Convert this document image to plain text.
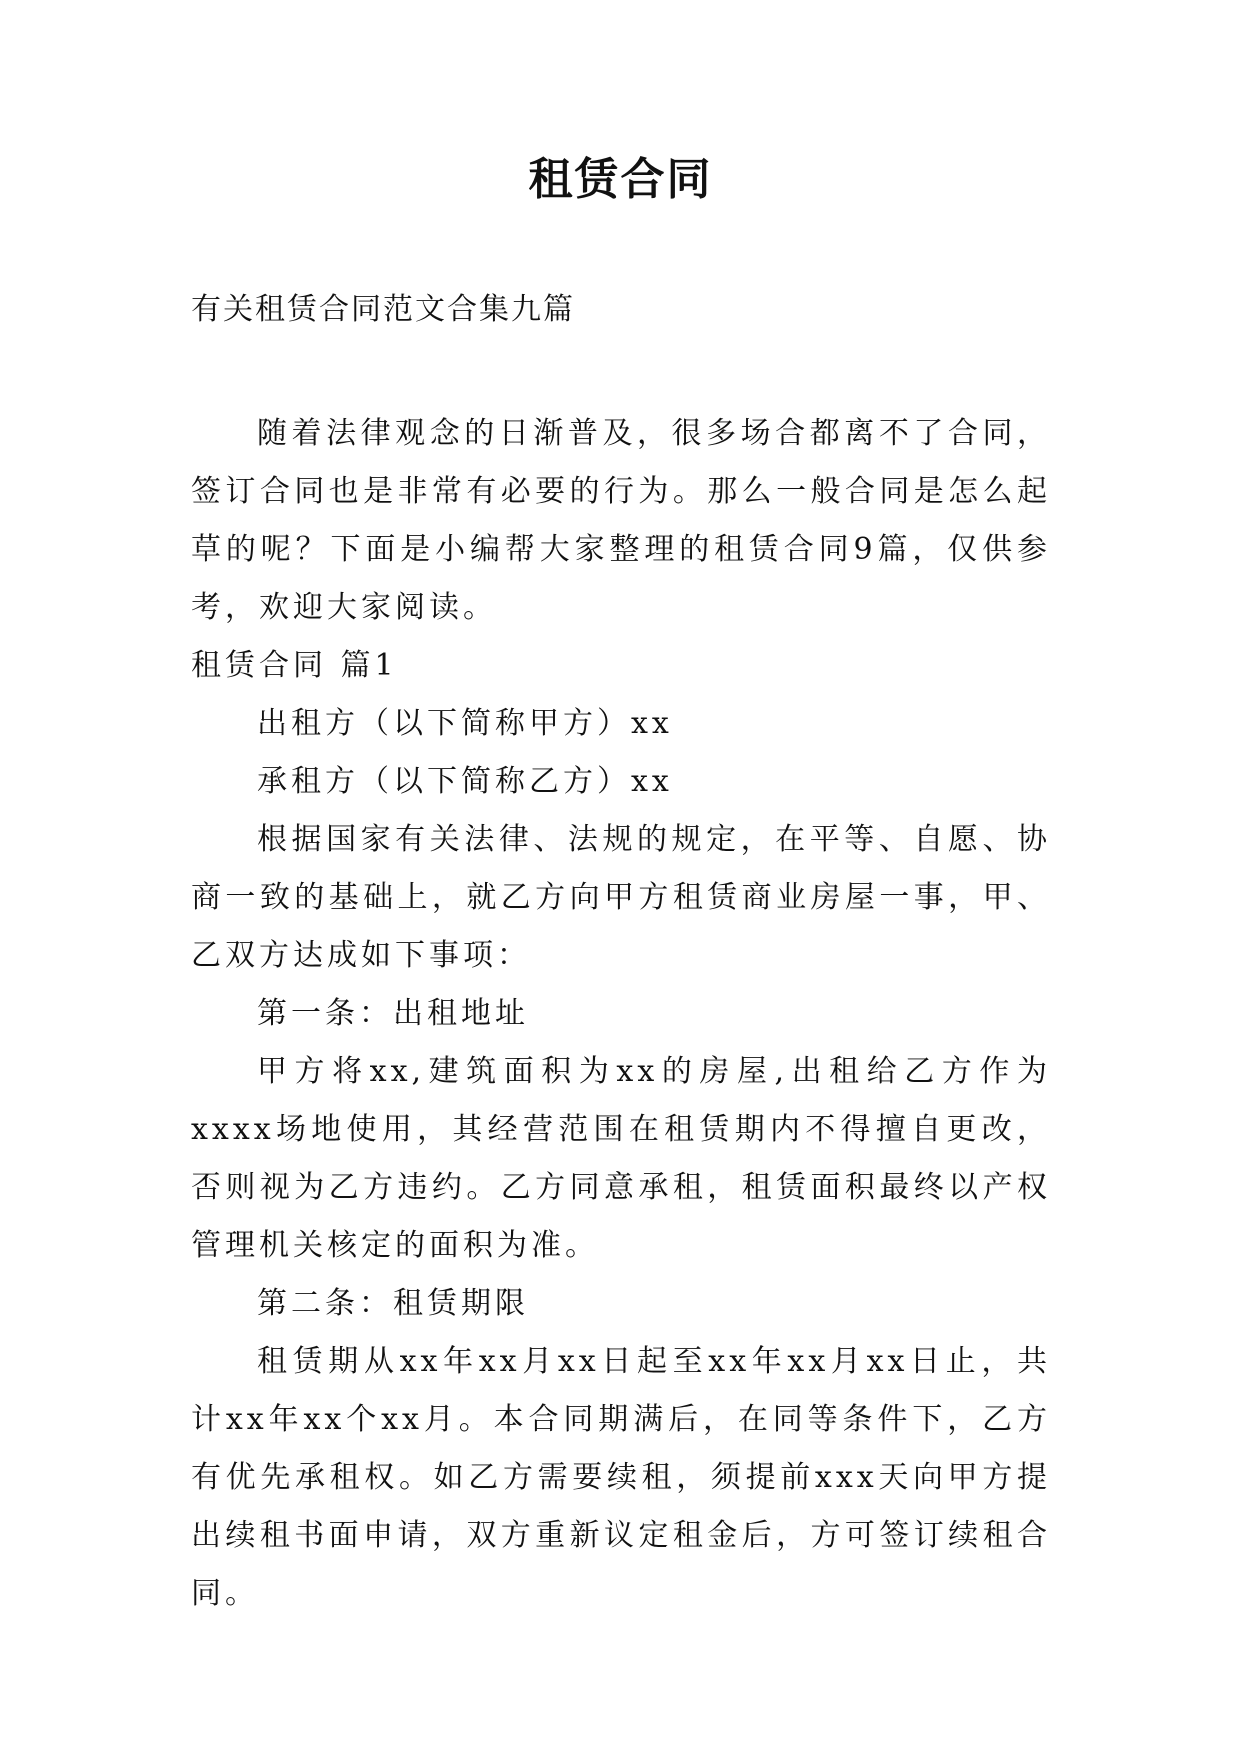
租赁合同
有关租赁合同范文合集九篇

随着法律观念的日渐普及，很多场合都离不了合同，签订合同也是非常有必要的行为。那么一般合同是怎么起草的呢？下面是小编帮大家整理的租赁合同9篇，仅供参考，欢迎大家阅读。

租赁合同 篇1

出租方（以下简称甲方）xx

承租方（以下简称乙方）xx

根据国家有关法律、法规的规定，在平等、自愿、协商一致的基础上，就乙方向甲方租赁商业房屋一事，甲、乙双方达成如下事项：

第一条：出租地址

甲方将xx,建筑面积为xx的房屋,出租给乙方作为xxxx场地使用，其经营范围在租赁期内不得擅自更改，否则视为乙方违约。乙方同意承租，租赁面积最终以产权管理机关核定的面积为准。

第二条：租赁期限

租赁期从xx年xx月xx日起至xx年xx月xx日止，共计xx年xx个xx月。本合同期满后，在同等条件下，乙方有优先承租权。如乙方需要续租，须提前xxx天向甲方提出续租书面申请，双方重新议定租金后，方可签订续租合同。
